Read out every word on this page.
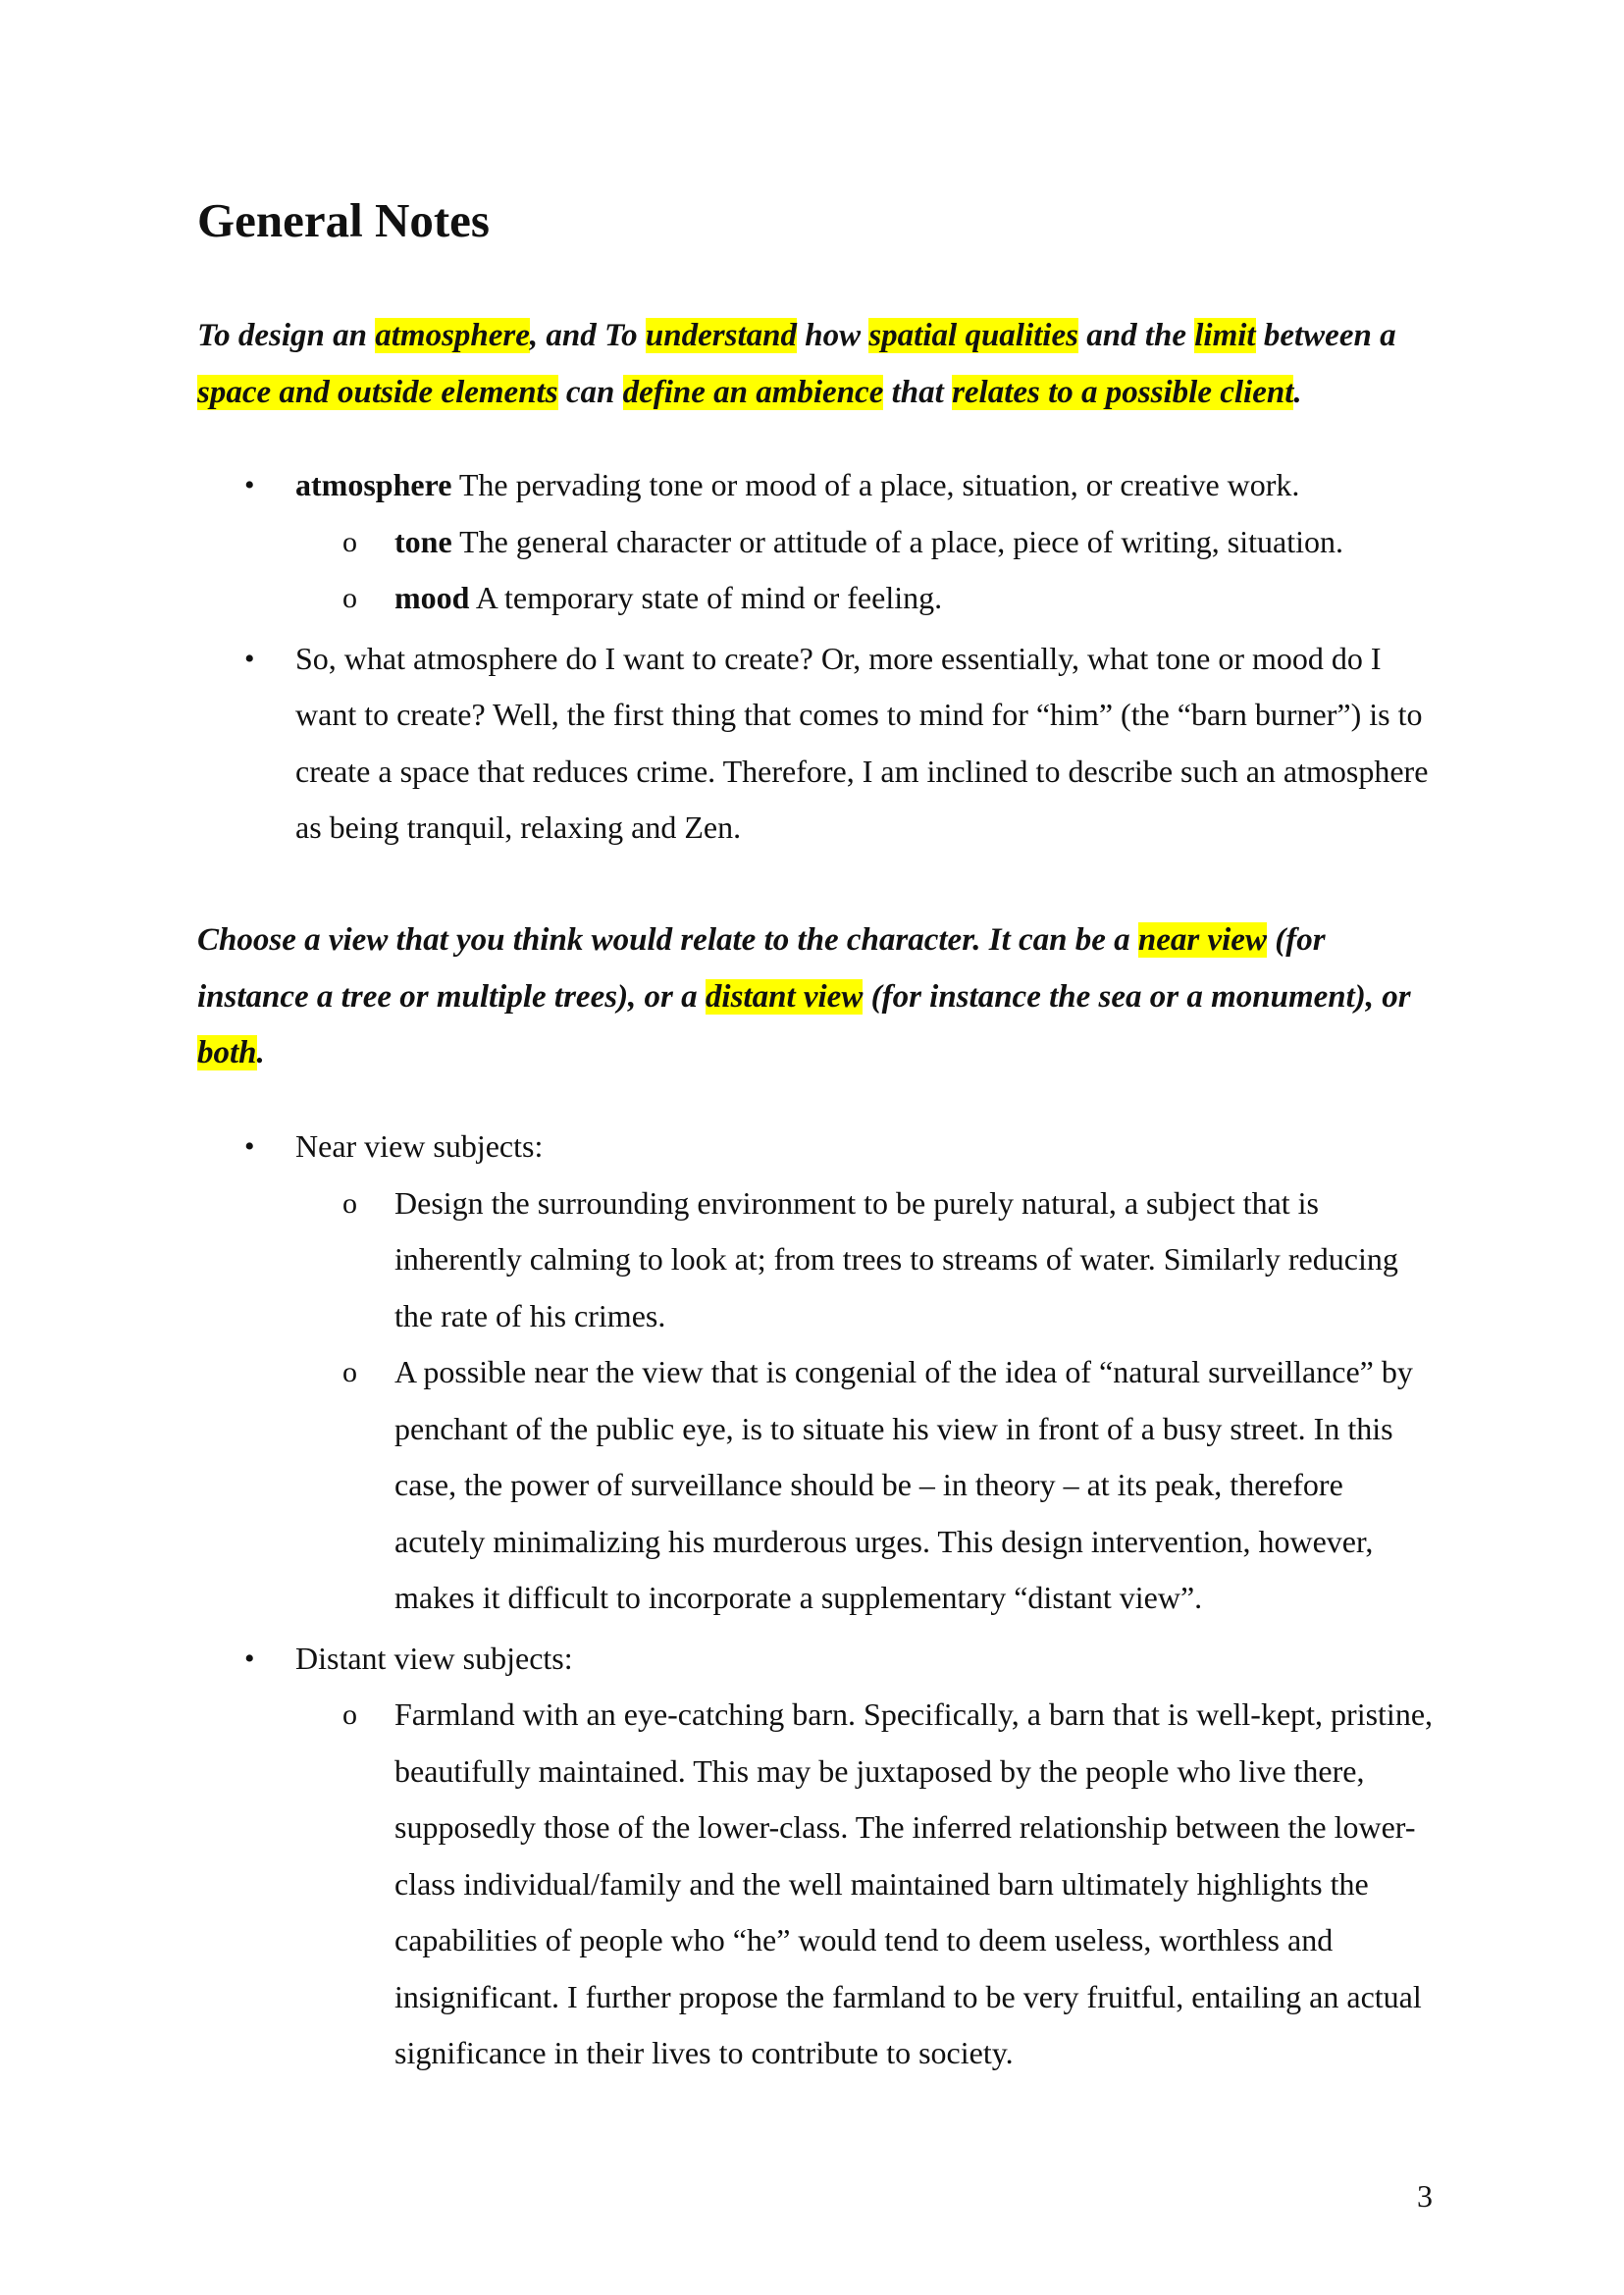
General Notes

To design an atmosphere, and To understand how spatial qualities and the limit between a space and outside elements can define an ambience that relates to a possible client.

• atmosphere The pervading tone or mood of a place, situation, or creative work.
o tone The general character or attitude of a place, piece of writing, situation.
o mood A temporary state of mind or feeling.
• So, what atmosphere do I want to create? Or, more essentially, what tone or mood do I want to create? Well, the first thing that comes to mind for “him” (the “barn burner”) is to create a space that reduces crime. Therefore, I am inclined to describe such an atmosphere as being tranquil, relaxing and Zen.

Choose a view that you think would relate to the character. It can be a near view (for instance a tree or multiple trees), or a distant view (for instance the sea or a monument), or both.

• Near view subjects:
o Design the surrounding environment to be purely natural, a subject that is inherently calming to look at; from trees to streams of water. Similarly reducing the rate of his crimes.
o A possible near the view that is congenial of the idea of “natural surveillance” by penchant of the public eye, is to situate his view in front of a busy street. In this case, the power of surveillance should be – in theory – at its peak, therefore acutely minimalizing his murderous urges. This design intervention, however, makes it difficult to incorporate a supplementary “distant view”.
• Distant view subjects:
o Farmland with an eye-catching barn. Specifically, a barn that is well-kept, pristine, beautifully maintained. This may be juxtaposed by the people who live there, supposedly those of the lower-class. The inferred relationship between the lower-class individual/family and the well maintained barn ultimately highlights the capabilities of people who “he” would tend to deem useless, worthless and insignificant. I further propose the farmland to be very fruitful, entailing an actual significance in their lives to contribute to society.
3
